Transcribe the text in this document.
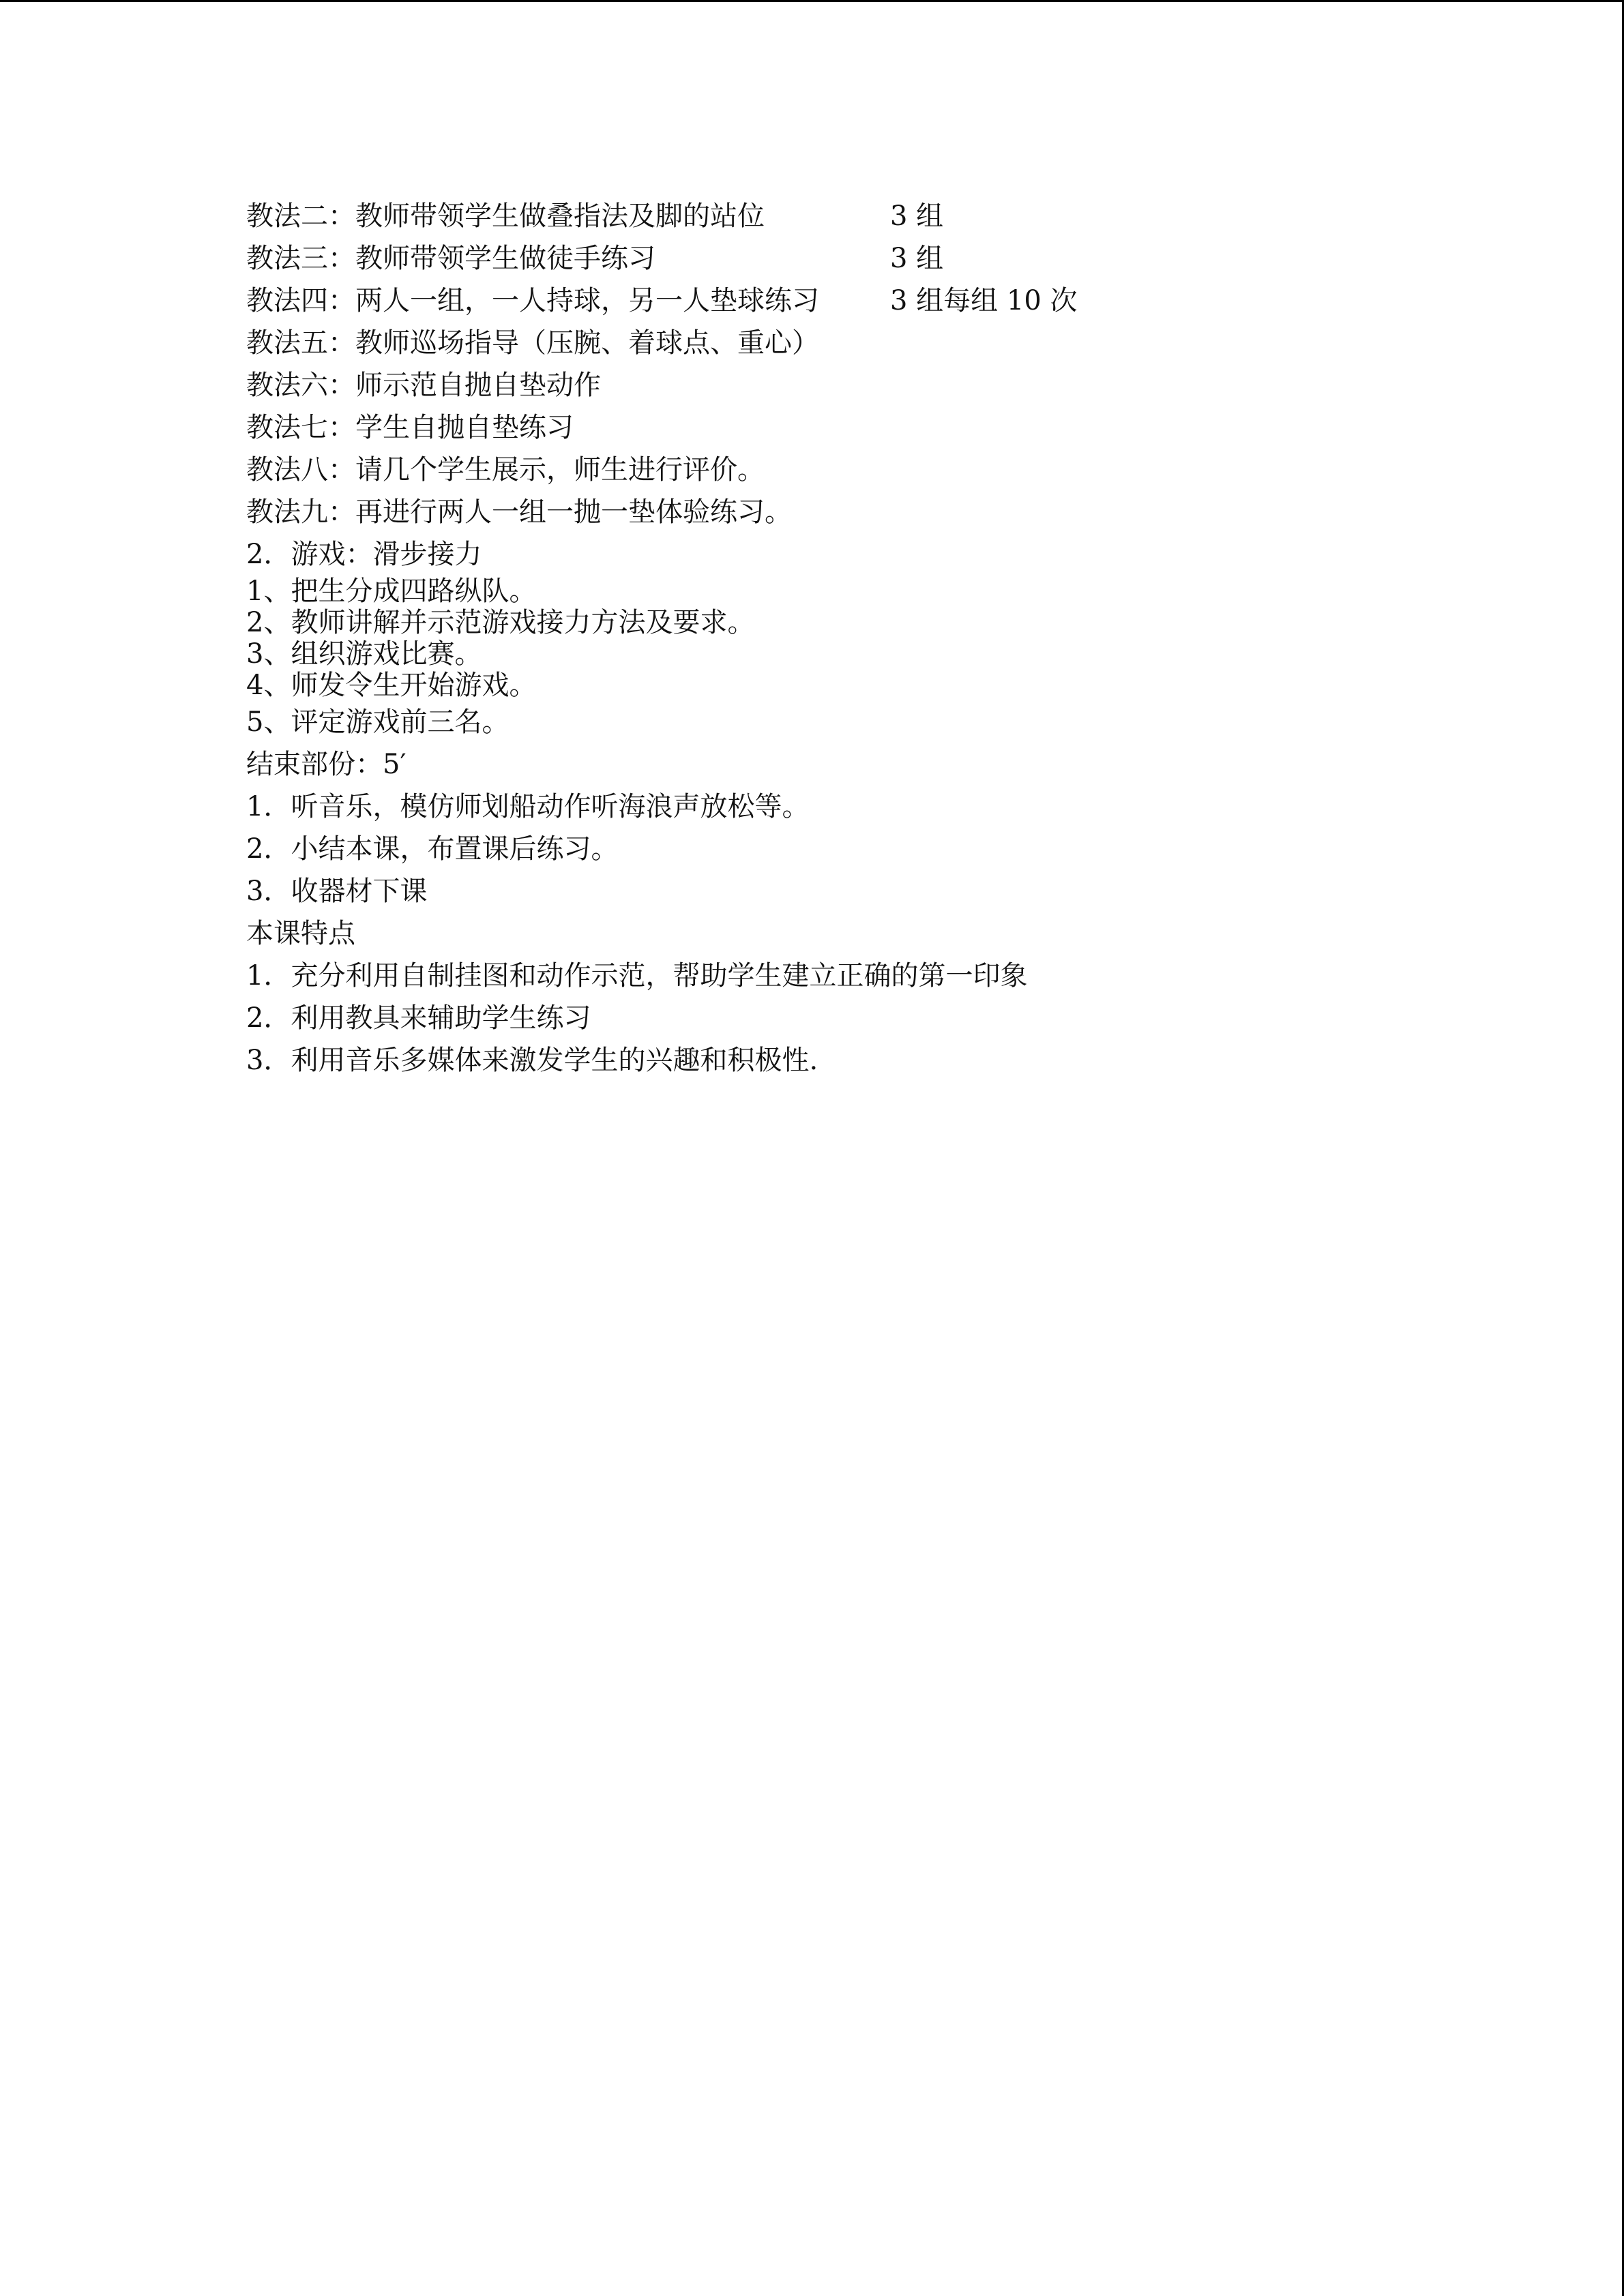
教法二：教师带领学生做叠指法及脚的站位	3 组
教法三：教师带领学生做徒手练习	3 组
教法四：两人一组，一人持球，另一人垫球练习	3 组每组 10 次
教法五：教师巡场指导（压腕、着球点、重心）
教法六：师示范自抛自垫动作
教法七：学生自抛自垫练习
教法八：请几个学生展示，师生进行评价。
教法九：再进行两人一组一抛一垫体验练习。
2．游戏：滑步接力
1、把生分成四路纵队。
2、教师讲解并示范游戏接力方法及要求。
3、组织游戏比赛。
4、师发令生开始游戏。
5、评定游戏前三名。
结束部份：5′
1．听音乐，模仿师划船动作听海浪声放松等。
2．小结本课，布置课后练习。
3．收器材下课
本课特点
1．充分利用自制挂图和动作示范，帮助学生建立正确的第一印象
2．利用教具来辅助学生练习
3．利用音乐多媒体来激发学生的兴趣和积极性.
